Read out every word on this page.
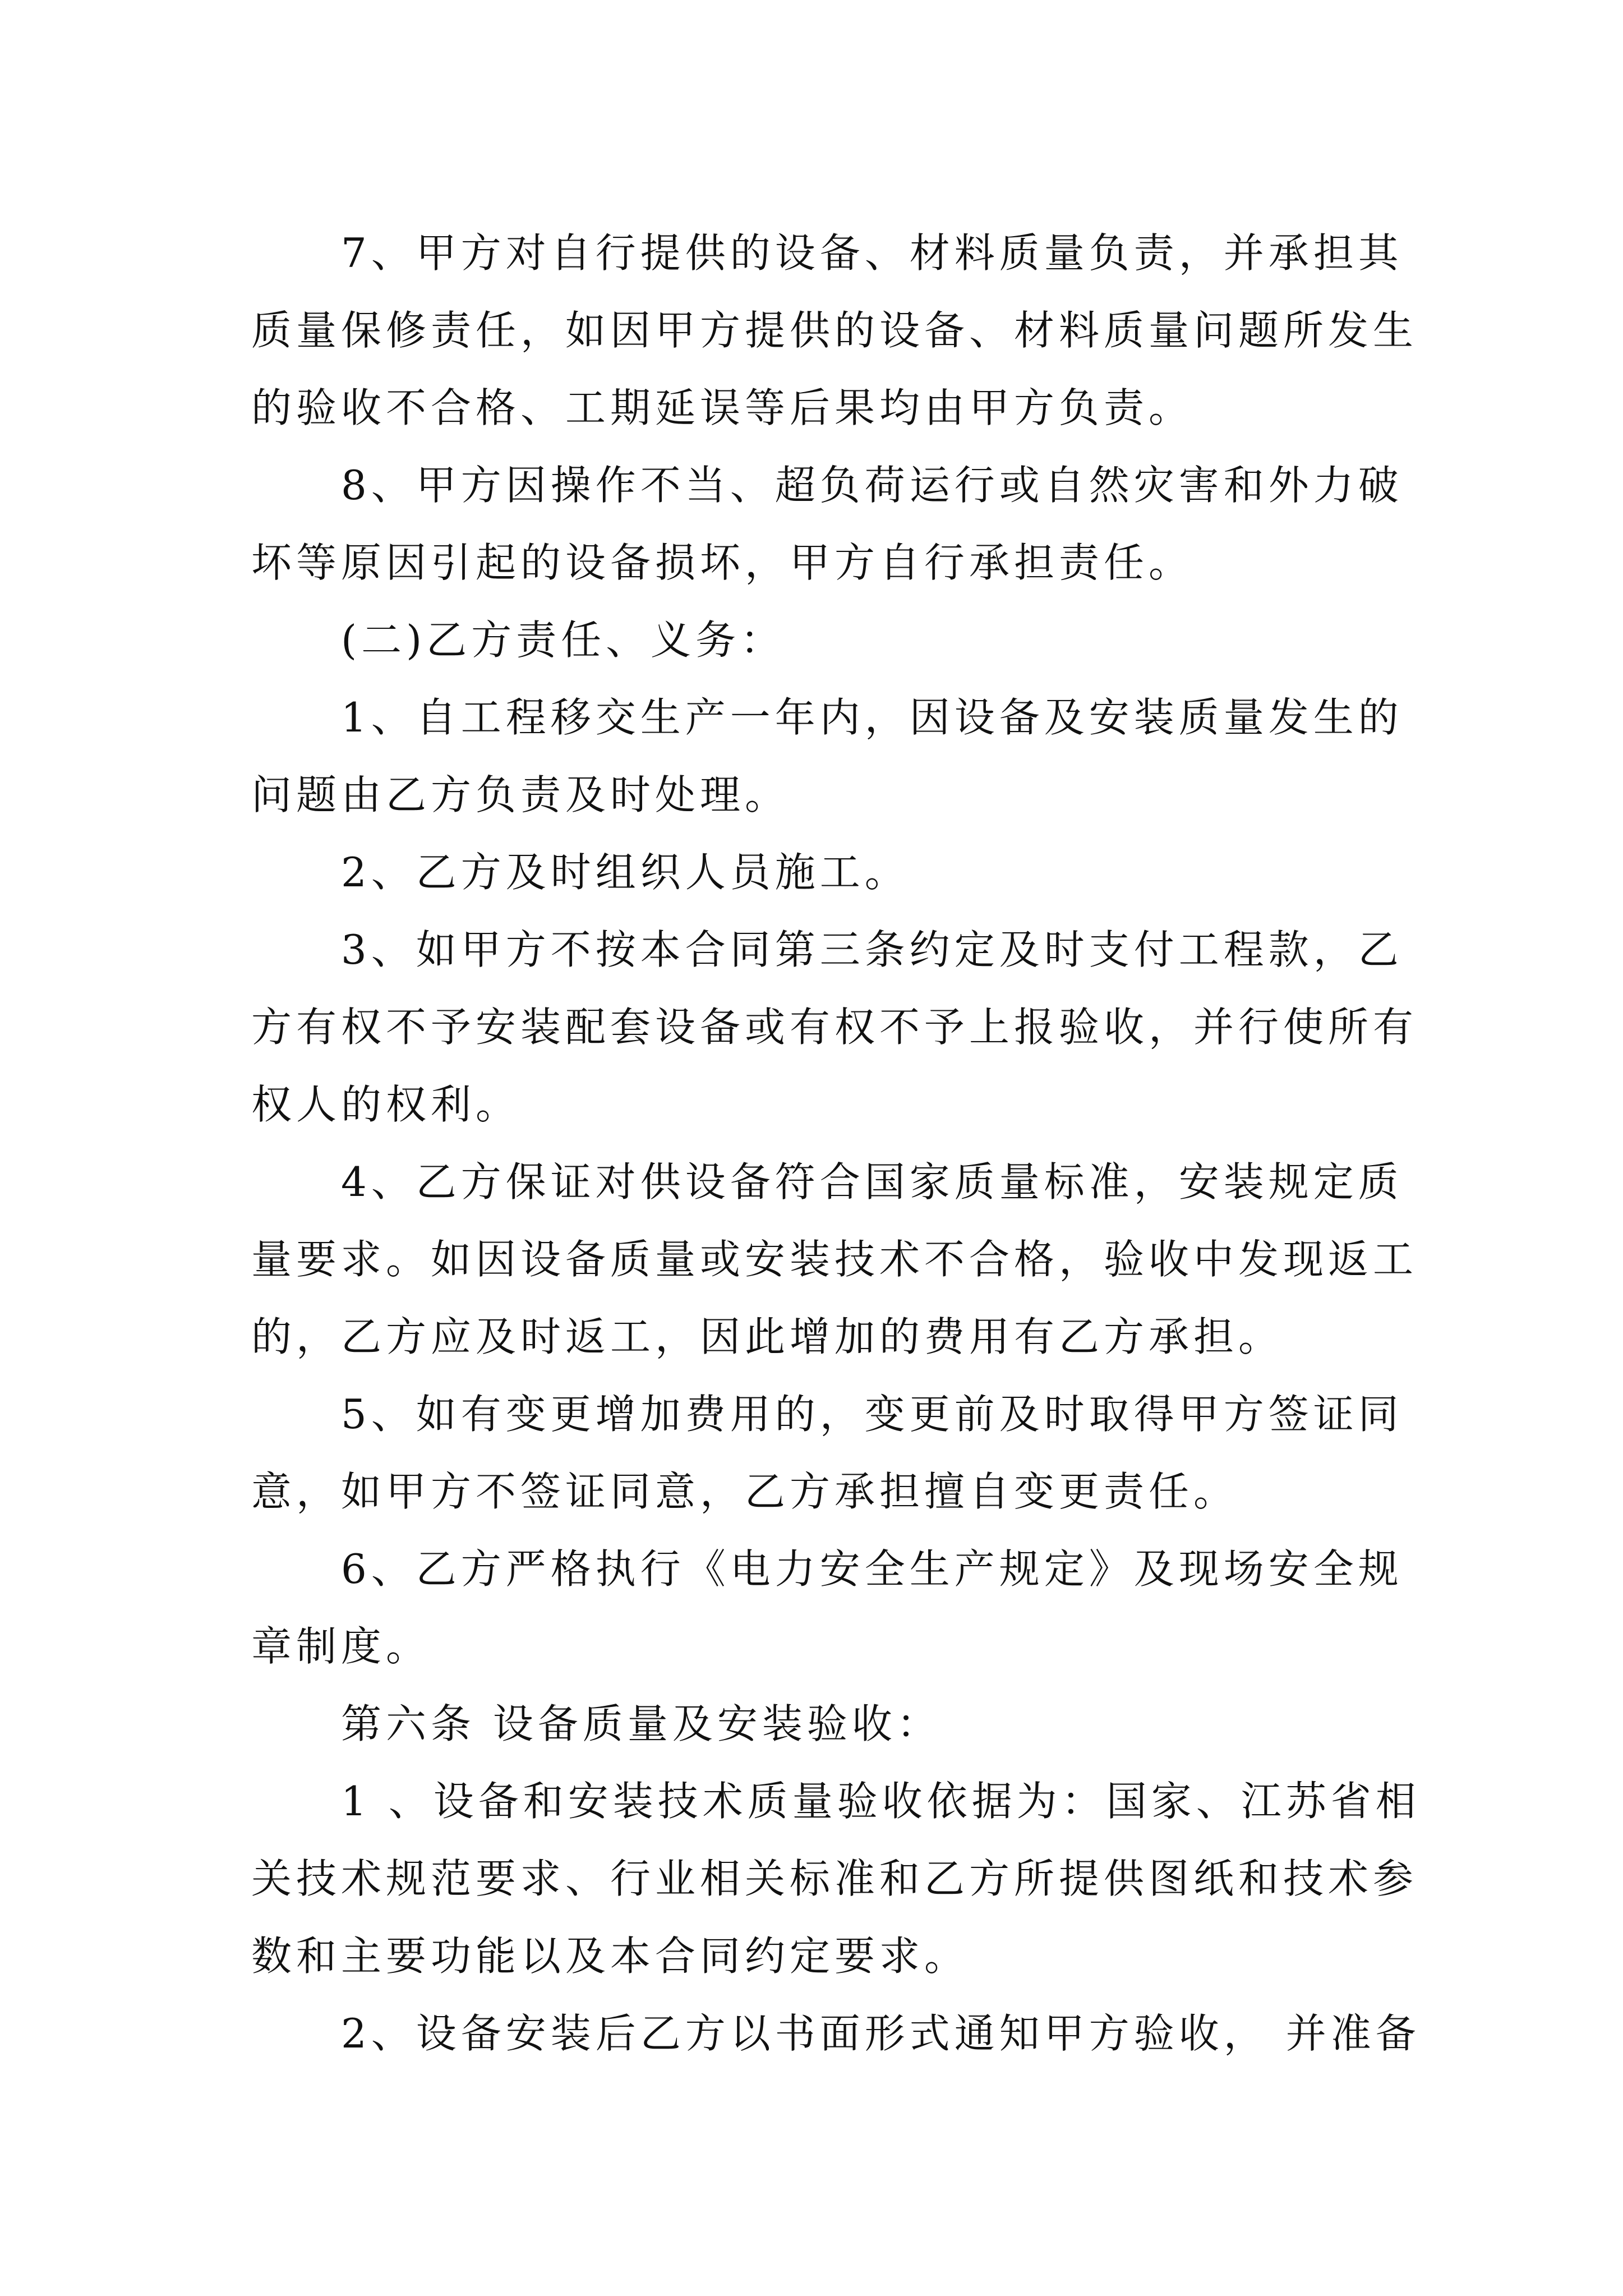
7、甲方对自行提供的设备、材料质量负责，并承担其
质量保修责任，如因甲方提供的设备、材料质量问题所发生
的验收不合格、工期延误等后果均由甲方负责。

8、甲方因操作不当、超负荷运行或自然灾害和外力破
坏等原因引起的设备损坏，甲方自行承担责任。

(二)乙方责任、义务：

1、自工程移交生产一年内，因设备及安装质量发生的
问题由乙方负责及时处理。

2、乙方及时组织人员施工。

3、如甲方不按本合同第三条约定及时支付工程款，乙
方有权不予安装配套设备或有权不予上报验收，并行使所有
权人的权利。

4、乙方保证对供设备符合国家质量标准，安装规定质
量要求。如因设备质量或安装技术不合格，验收中发现返工
的，乙方应及时返工，因此增加的费用有乙方承担。

5、如有变更增加费用的，变更前及时取得甲方签证同
意，如甲方不签证同意，乙方承担擅自变更责任。

6、乙方严格执行《电力安全生产规定》及现场安全规
章制度。

第六条 设备质量及安装验收：

1 、设备和安装技术质量验收依据为：国家、江苏省相
关技术规范要求、行业相关标准和乙方所提供图纸和技术参
数和主要功能以及本合同约定要求。

2、设备安装后乙方以书面形式通知甲方验收， 并准备
